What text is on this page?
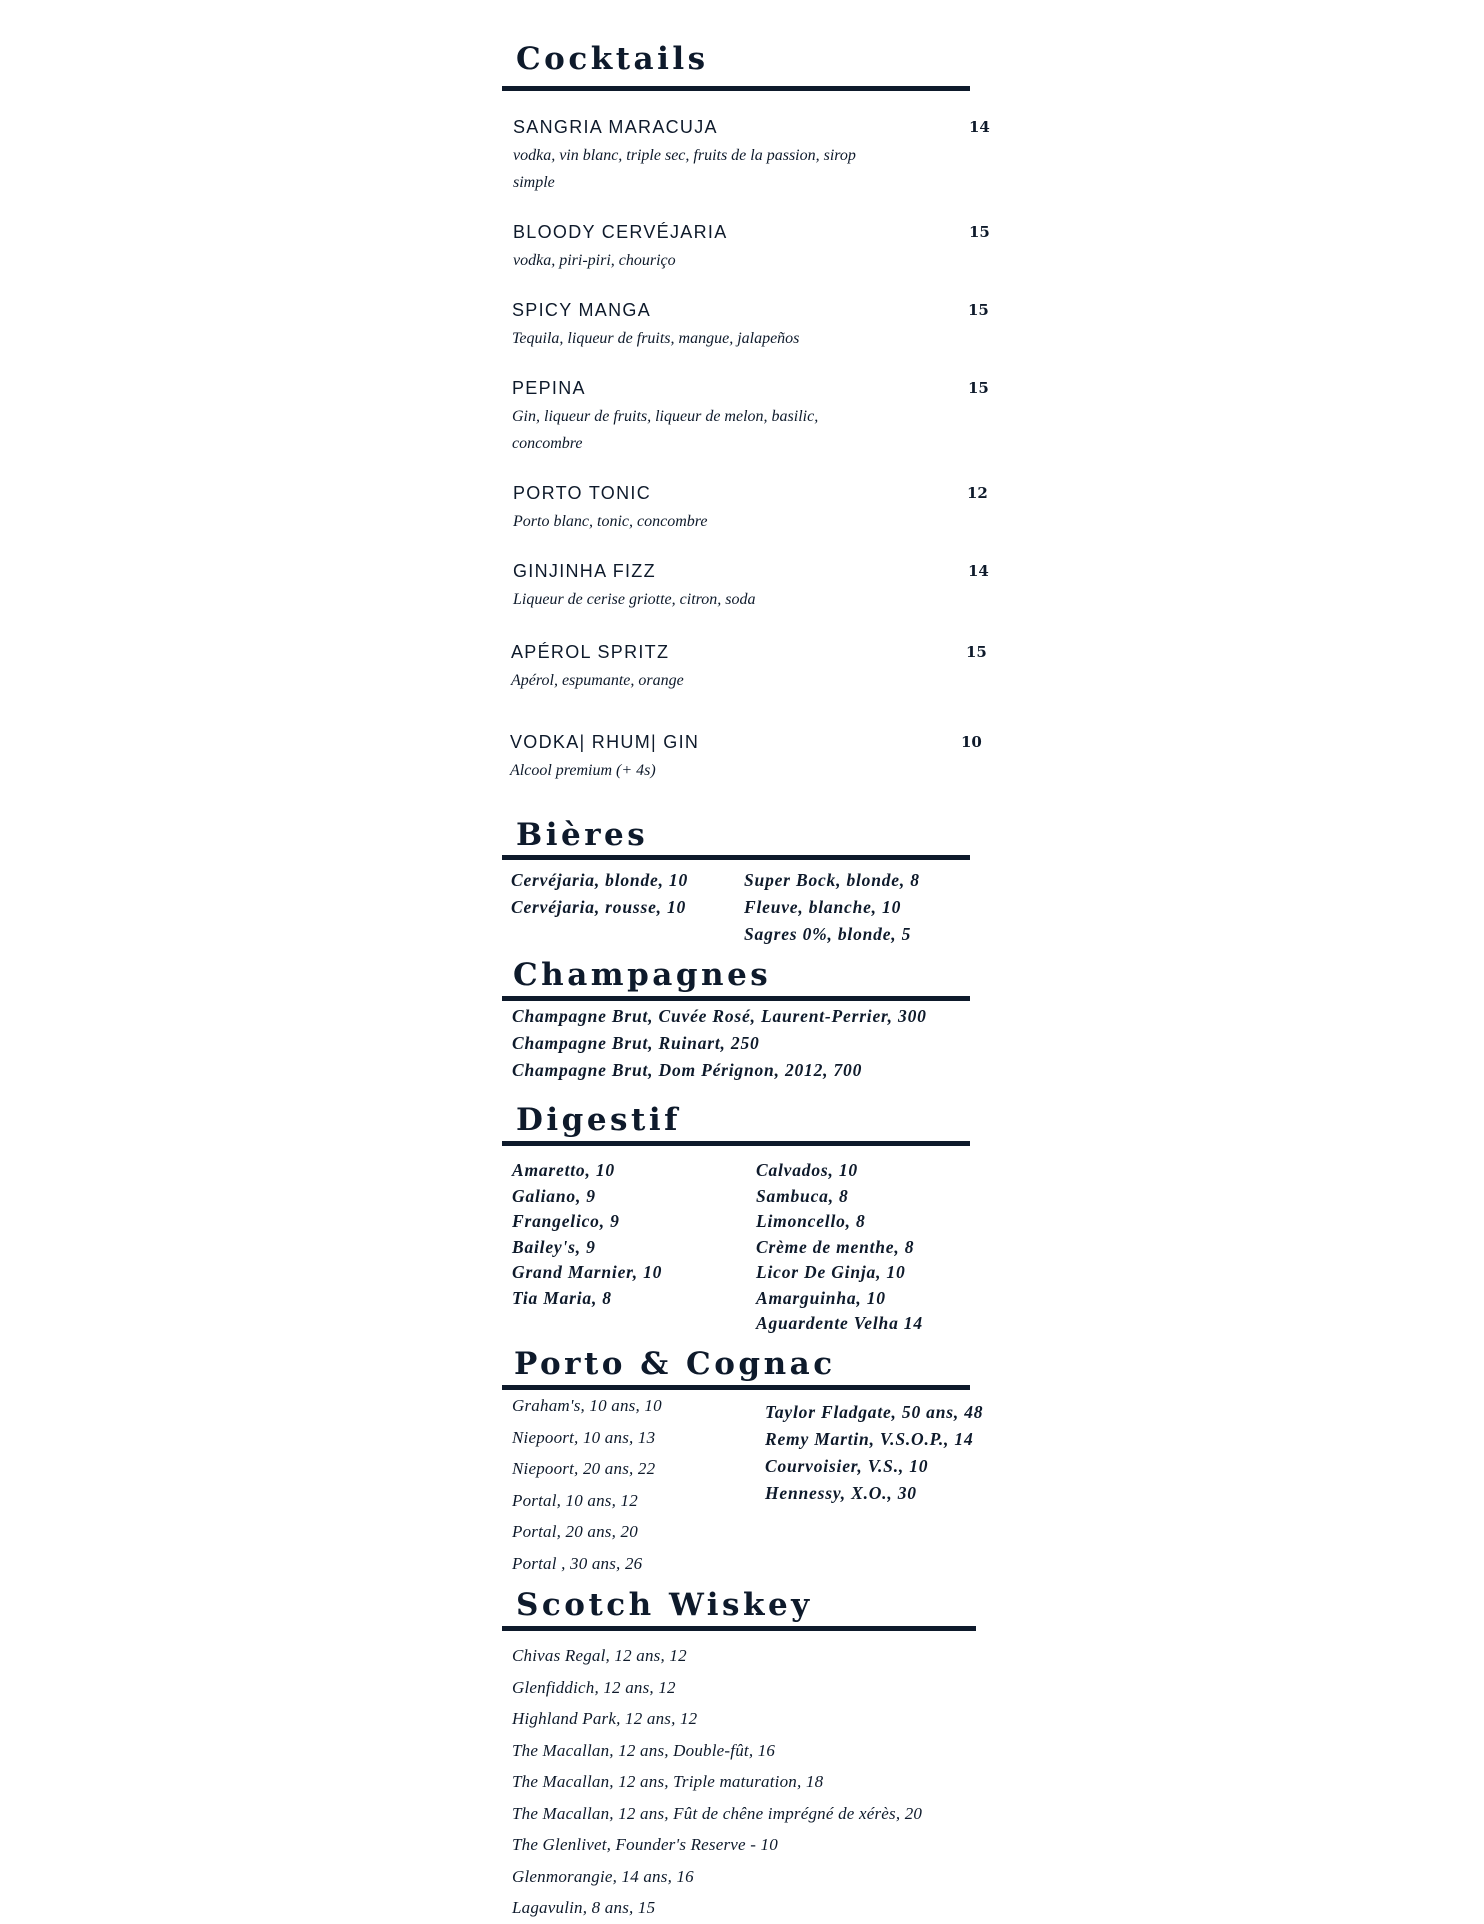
Cocktails
SANGRIA MARACUJA	14

vodka, vin blanc, triple sec, fruits de la passion, sirop simple

BLOODY CERVÉJARIA	15

vodka, piri-piri, chouriço

SPICY MANGA	15

Tequila, liqueur de fruits, mangue, jalapeños

PEPINA	15

Gin, liqueur de fruits, liqueur de melon, basilic, concombre

PORTO TONIC	12

Porto blanc, tonic, concombre

GINJINHA FIZZ	14

Liqueur de cerise griotte, citron, soda

APÉROL SPRITZ	15

Apérol, espumante, orange

VODKA| RHUM| GIN	10

Alcool premium (+ 4s)

Bières
Cervéjaria, blonde, 10
Cervéjaria, rousse, 10
Super Bock, blonde, 8
Fleuve, blanche, 10
Sagres 0%, blonde, 5
Champagnes
Champagne Brut, Cuvée Rosé, Laurent-Perrier, 300
Champagne Brut, Ruinart, 250
Champagne Brut, Dom Pérignon, 2012, 700
Digestif
Amaretto, 10
Galiano, 9
Frangelico, 9
Bailey's, 9
Grand Marnier, 10
Tia Maria, 8
Calvados, 10
Sambuca, 8
Limoncello, 8
Crème de menthe, 8
Licor De Ginja, 10
Amarguinha, 10
Aguardente Velha 14
Porto & Cognac
Graham's, 10 ans, 10
Niepoort, 10 ans, 13
Niepoort, 20 ans, 22
Portal, 10 ans, 12
Portal, 20 ans, 20
Portal , 30 ans, 26
Taylor Fladgate, 50 ans, 48
Remy Martin, V.S.O.P., 14
Courvoisier, V.S., 10
Hennessy, X.O., 30
Scotch Wiskey
Chivas Regal, 12 ans, 12
Glenfiddich, 12 ans, 12
Highland Park, 12 ans, 12
The Macallan, 12 ans, Double-fût, 16
The Macallan, 12 ans, Triple maturation, 18
The Macallan, 12 ans, Fût de chêne imprégné de xérès, 20
The Glenlivet, Founder's Reserve - 10
Glenmorangie, 14 ans, 16
Lagavulin, 8 ans, 15
